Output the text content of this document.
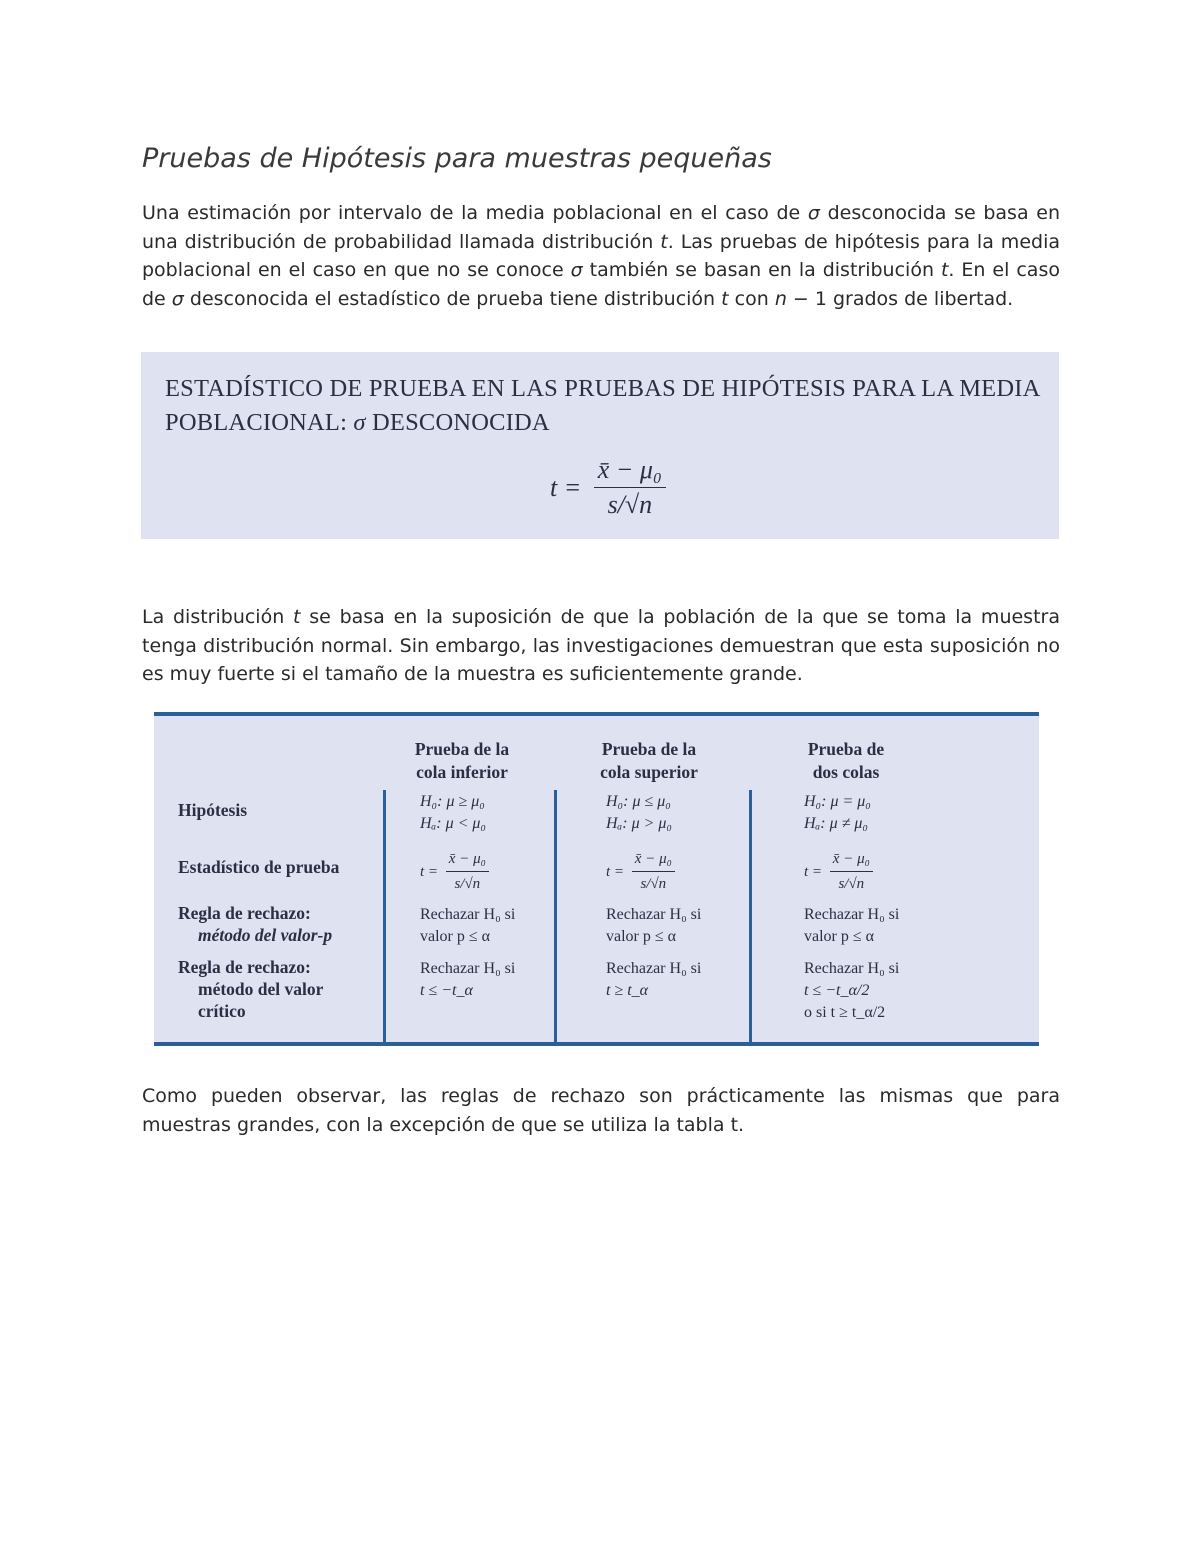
Pruebas de Hipótesis para muestras pequeñas

Una estimación por intervalo de la media poblacional en el caso de σ desconocida se basa en una distribución de probabilidad llamada distribución t. Las pruebas de hipótesis para la media poblacional en el caso en que no se conoce σ también se basan en la distribución t. En el caso de σ desconocida el estadístico de prueba tiene distribución t con n − 1 grados de libertad.

ESTADÍSTICO DE PRUEBA EN LAS PRUEBAS DE HIPÓTESIS PARA LA MEDIA POBLACIONAL: σ DESCONOCIDA
$t = \frac{\text{x̄ − μ₀}}{s/√n}$

La distribución t se basa en la suposición de que la población de la que se toma la muestra tenga distribución normal. Sin embargo, las investigaciones demuestran que esta suposición no es muy fuerte si el tamaño de la muestra es suficientemente grande.

Prueba de la
cola inferior
Prueba de la
cola superior
Prueba de
dos colas
Hipótesis
Estadístico de prueba
Regla de rechazo:
método del valor-p
Regla de rechazo:
método del valor
crítico
H₀: μ ≥ μ₀
Hₐ: μ < μ₀
H₀: μ ≤ μ₀
Hₐ: μ > μ₀
H₀: μ = μ₀
Hₐ: μ ≠ μ₀
$t = \frac{\text{x̄ − μ₀}}{s/√n}$	$t = \frac{\text{x̄ − μ₀}}{s/√n}$	$t = \frac{\text{x̄ − μ₀}}{s/√n}$
Rechazar H₀ si
valor p ≤ α
Rechazar H₀ si
valor p ≤ α
Rechazar H₀ si
valor p ≤ α
Rechazar H₀ si
t ≤ −t_α
Rechazar H₀ si
t ≥ t_α
Rechazar H₀ si
t ≤ −t_α/2
o si t ≥ t_α/2

Como pueden observar, las reglas de rechazo son prácticamente las mismas que para muestras grandes, con la excepción de que se utiliza la tabla t.
